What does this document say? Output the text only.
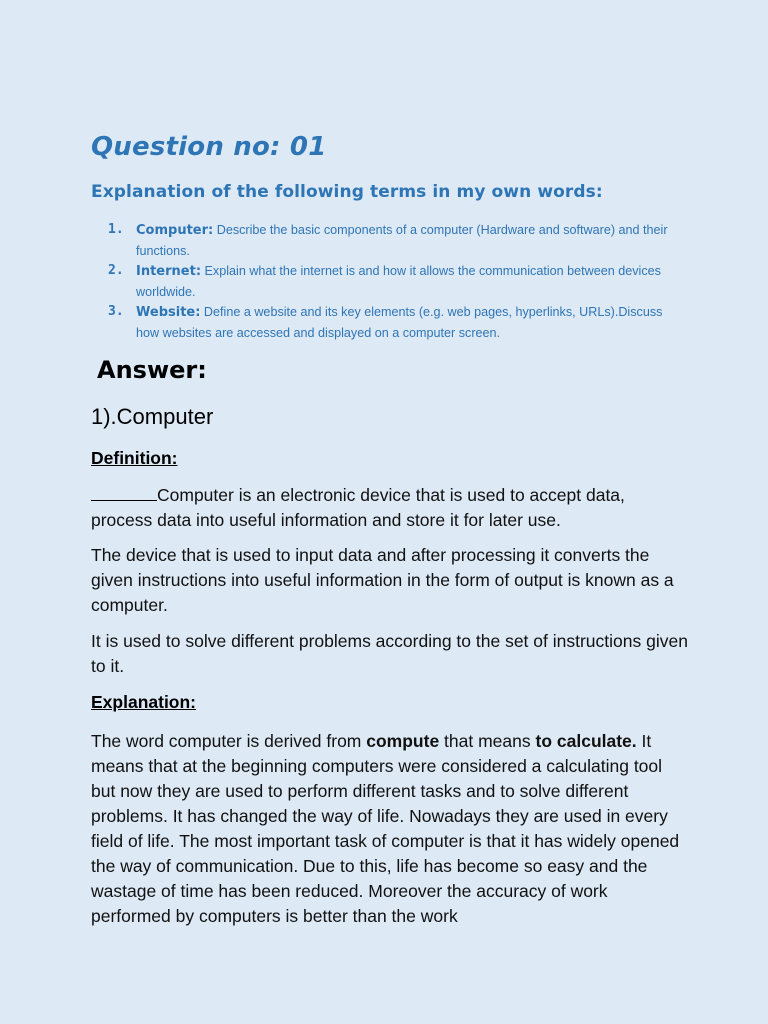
Question no: 01
Explanation of the following terms in my own words:
1. Computer: Describe the basic components of a computer (Hardware and software) and their functions.
2. Internet: Explain what the internet is and how it allows the communication between devices worldwide.
3. Website: Define a website and its key elements (e.g. web pages, hyperlinks, URLs).Discuss how websites are accessed and displayed on a computer screen.
Answer:
1).Computer
Definition:

Computer is an electronic device that is used to accept data, process data into useful information and store it for later use.

The device that is used to input data and after processing it converts the given instructions into useful information in the form of output is known as a computer.

It is used to solve different problems according to the set of instructions given to it.

Explanation:

The word computer is derived from compute that means to calculate. It means that at the beginning computers were considered a calculating tool but now they are used to perform different tasks and to solve different problems. It has changed the way of life. Nowadays they are used in every field of life. The most important task of computer is that it has widely opened the way of communication. Due to this, life has become so easy and the wastage of time has been reduced. Moreover the accuracy of work performed by computers is better than the work
